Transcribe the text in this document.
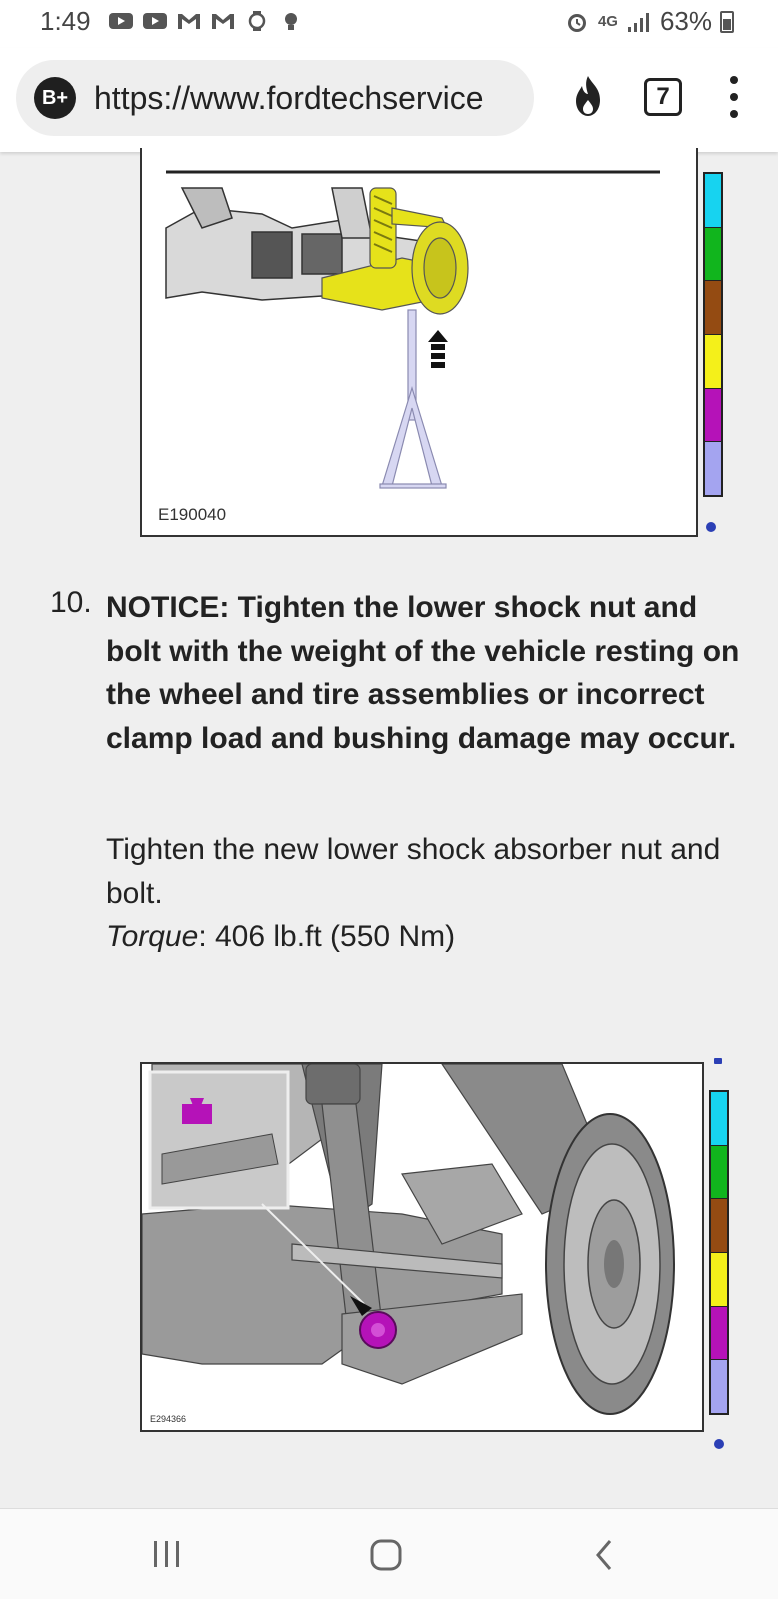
1:49	4G 63%
B+ https://www.fordtechservice	7
E190040
10. NOTICE: Tighten the lower shock nut and bolt with the weight of the vehicle resting on the wheel and tire assemblies or incorrect clamp load and bushing damage may occur.
Tighten the new lower shock absorber nut and bolt.
Torque: 406 lb.ft (550 Nm)
E294366
